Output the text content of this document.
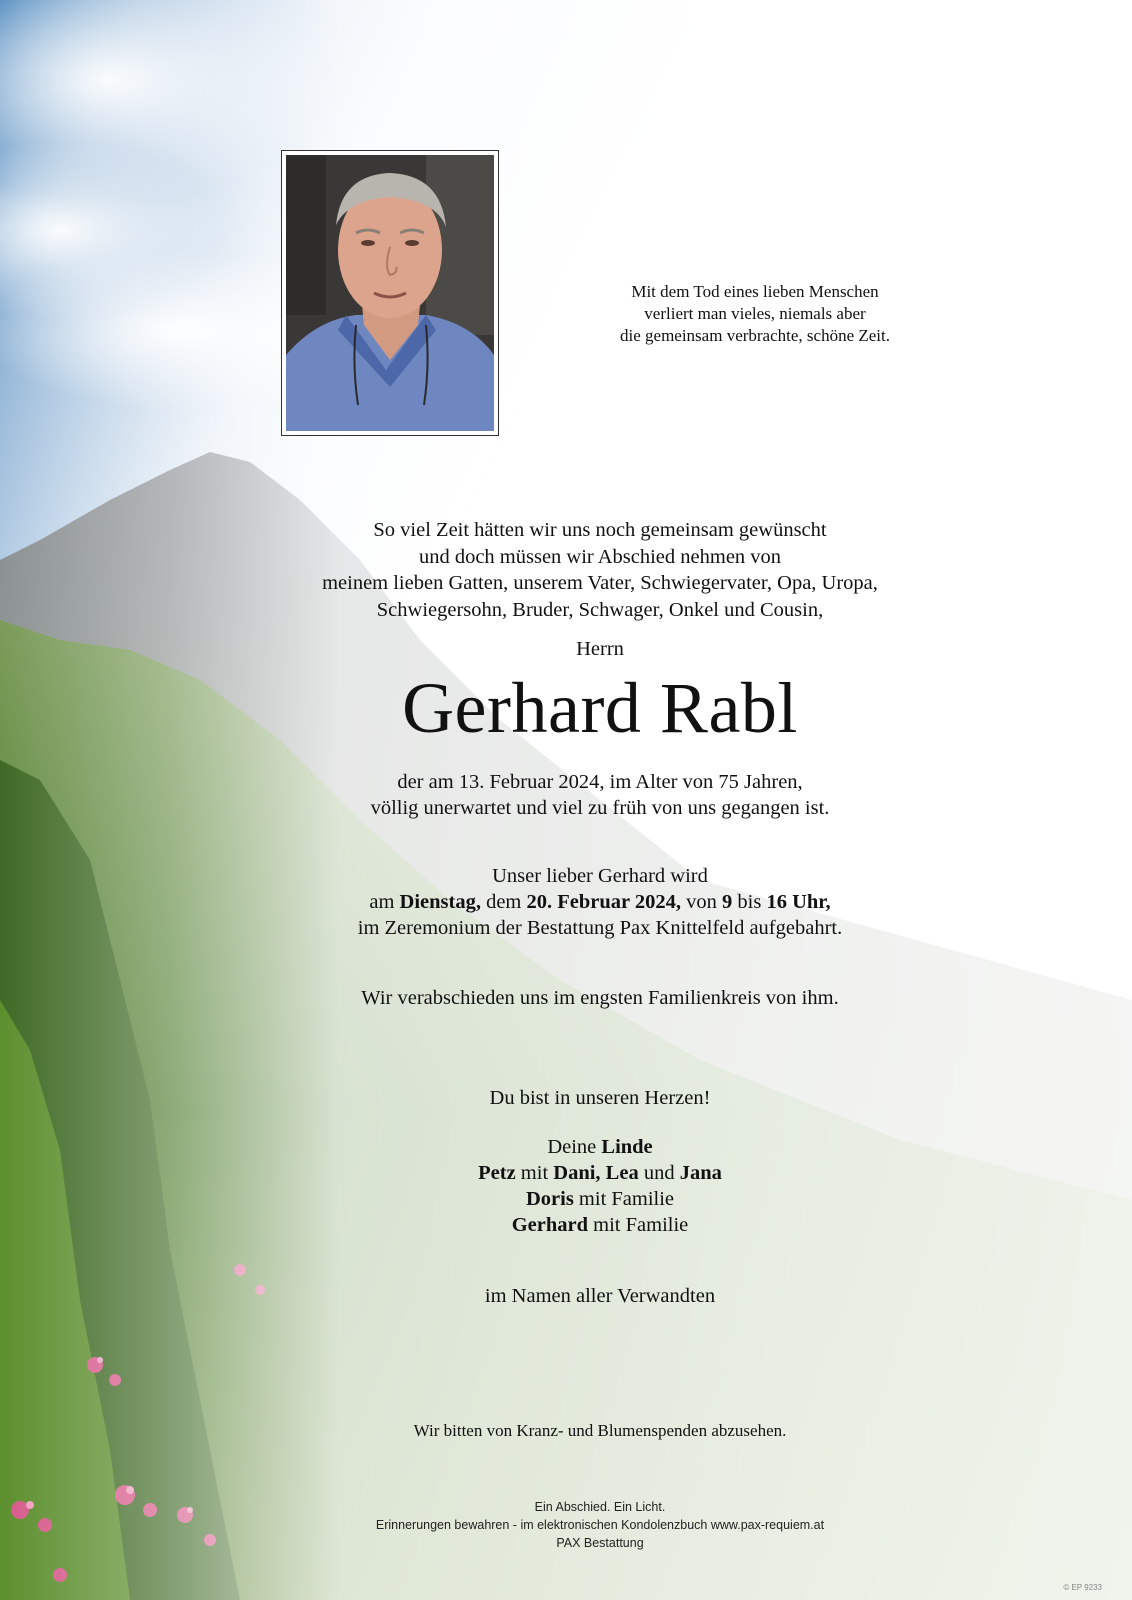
Mit dem Tod eines lieben Menschen
verliert man vieles, niemals aber
die gemeinsam verbrachte, schöne Zeit.
So viel Zeit hätten wir uns noch gemeinsam gewünscht
und doch müssen wir Abschied nehmen von
meinem lieben Gatten, unserem Vater, Schwiegervater, Opa, Uropa,
Schwiegersohn, Bruder, Schwager, Onkel und Cousin,
Herrn
Gerhard Rabl
der am 13. Februar 2024, im Alter von 75 Jahren,
völlig unerwartet und viel zu früh von uns gegangen ist.
Unser lieber Gerhard wird
am Dienstag, dem 20. Februar 2024, von 9 bis 16 Uhr,
im Zeremonium der Bestattung Pax Knittelfeld aufgebahrt.
Wir verabschieden uns im engsten Familienkreis von ihm.
Du bist in unseren Herzen!
Deine Linde
Petz mit Dani, Lea und Jana
Doris mit Familie
Gerhard mit Familie
im Namen aller Verwandten
Wir bitten von Kranz- und Blumenspenden abzusehen.
Ein Abschied. Ein Licht.
Erinnerungen bewahren - im elektronischen Kondolenzbuch www.pax-requiem.at
PAX Bestattung
© EP 9233
